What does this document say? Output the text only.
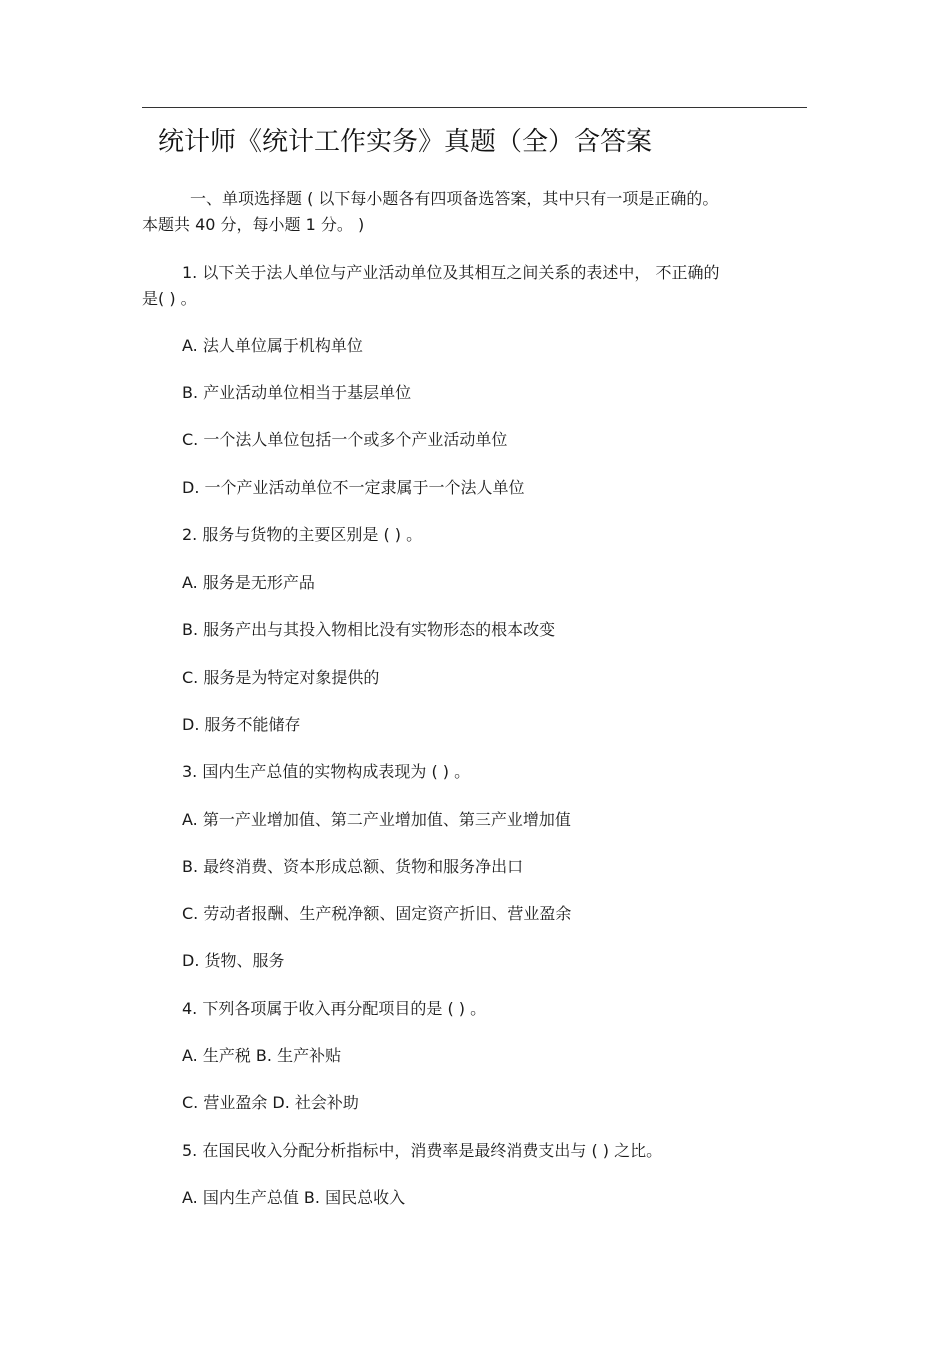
统计师《统计工作实务》真题（全）含答案
一、单项选择题 ( 以下每小题各有四项备选答案，其中只有一项是正确的。
本题共 40 分，每小题 1 分。 )
1. 以下关于法人单位与产业活动单位及其相互之间关系的表述中， 不正确的
是( ) 。
A. 法人单位属于机构单位
B. 产业活动单位相当于基层单位
C. 一个法人单位包括一个或多个产业活动单位
D. 一个产业活动单位不一定隶属于一个法人单位
2. 服务与货物的主要区别是 ( ) 。
A. 服务是无形产品
B. 服务产出与其投入物相比没有实物形态的根本改变
C. 服务是为特定对象提供的
D. 服务不能储存
3. 国内生产总值的实物构成表现为 ( ) 。
A. 第一产业增加值、第二产业增加值、第三产业增加值
B. 最终消费、资本形成总额、货物和服务净出口
C. 劳动者报酬、生产税净额、固定资产折旧、营业盈余
D. 货物、服务
4. 下列各项属于收入再分配项目的是 ( ) 。
A. 生产税 B. 生产补贴
C. 营业盈余 D. 社会补助
5. 在国民收入分配分析指标中，消费率是最终消费支出与 ( ) 之比。
A. 国内生产总值 B. 国民总收入
